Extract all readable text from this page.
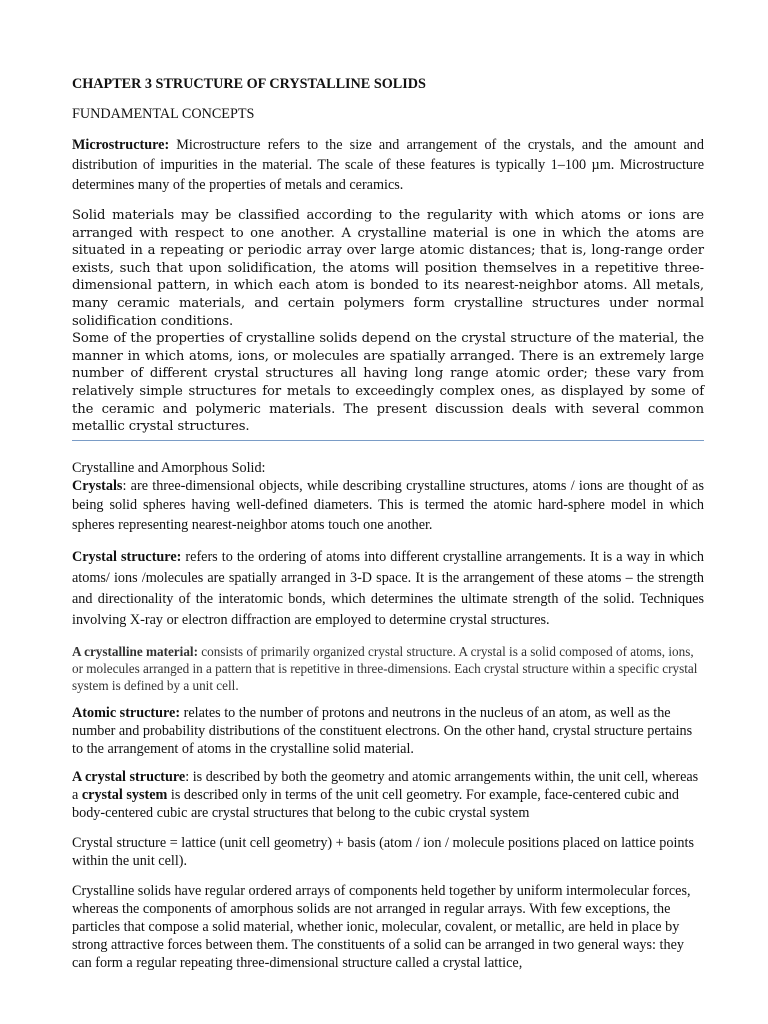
CHAPTER 3 STRUCTURE OF CRYSTALLINE SOLIDS
FUNDAMENTAL CONCEPTS

Microstructure: Microstructure refers to the size and arrangement of the crystals, and the amount and distribution of impurities in the material. The scale of these features is typically 1–100 µm. Microstructure determines many of the properties of metals and ceramics.

Solid materials may be classified according to the regularity with which atoms or ions are arranged with respect to one another. A crystalline material is one in which the atoms are situated in a repeating or periodic array over large atomic distances; that is, long-range order exists, such that upon solidification, the atoms will position themselves in a repetitive three-dimensional pattern, in which each atom is bonded to its nearest-neighbor atoms. All metals, many ceramic materials, and certain polymers form crystalline structures under normal solidification conditions.

Some of the properties of crystalline solids depend on the crystal structure of the material, the manner in which atoms, ions, or molecules are spatially arranged. There is an extremely large number of different crystal structures all having long range atomic order; these vary from relatively simple structures for metals to exceedingly complex ones, as displayed by some of the ceramic and polymeric materials. The present discussion deals with several common metallic crystal structures.

Crystalline and Amorphous Solid:

Crystals: are three-dimensional objects, while describing crystalline structures, atoms / ions are thought of as being solid spheres having well-defined diameters. This is termed the atomic hard-sphere model in which spheres representing nearest-neighbor atoms touch one another.

Crystal structure: refers to the ordering of atoms into different crystalline arrangements. It is a way in which atoms/ ions /molecules are spatially arranged in 3-D space. It is the arrangement of these atoms – the strength and directionality of the interatomic bonds, which determines the ultimate strength of the solid. Techniques involving X-ray or electron diffraction are employed to determine crystal structures.

A crystalline material: consists of primarily organized crystal structure. A crystal is a solid composed of atoms, ions, or molecules arranged in a pattern that is repetitive in three-dimensions. Each crystal structure within a specific crystal system is defined by a unit cell.

Atomic structure: relates to the number of protons and neutrons in the nucleus of an atom, as well as the number and probability distributions of the constituent electrons. On the other hand, crystal structure pertains to the arrangement of atoms in the crystalline solid material.

A crystal structure: is described by both the geometry and atomic arrangements within, the unit cell, whereas a crystal system is described only in terms of the unit cell geometry. For example, face-centered cubic and body-centered cubic are crystal structures that belong to the cubic crystal system

Crystal structure = lattice (unit cell geometry) + basis (atom / ion / molecule positions placed on lattice points within the unit cell).

Crystalline solids have regular ordered arrays of components held together by uniform intermolecular forces, whereas the components of amorphous solids are not arranged in regular arrays. With few exceptions, the particles that compose a solid material, whether ionic, molecular, covalent, or metallic, are held in place by strong attractive forces between them. The constituents of a solid can be arranged in two general ways: they can form a regular repeating three-dimensional structure called a crystal lattice,
